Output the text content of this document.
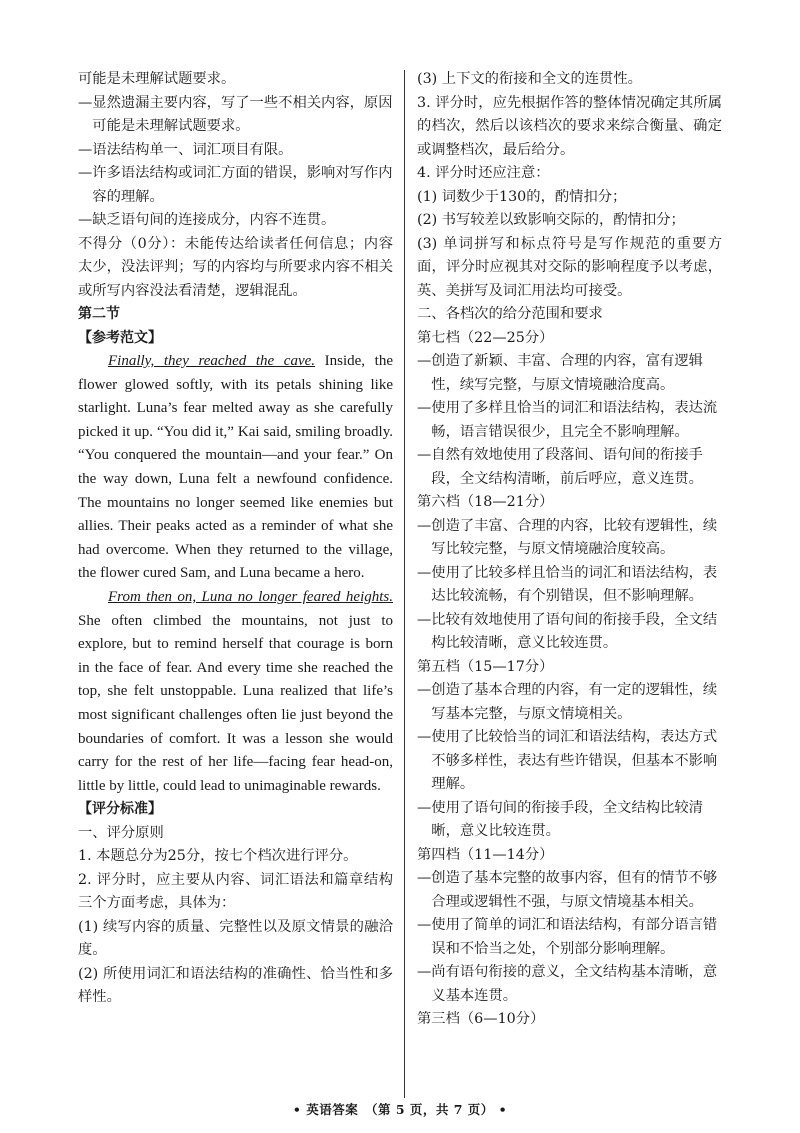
可能是未理解试题要求。

—显然遗漏主要内容，写了一些不相关内容，原因可能是未理解试题要求。

—语法结构单一、词汇项目有限。

—许多语法结构或词汇方面的错误，影响对写作内容的理解。

—缺乏语句间的连接成分，内容不连贯。

不得分（0分）：未能传达给读者任何信息；内容太少，没法评判；写的内容均与所要求内容不相关或所写内容没法看清楚，逻辑混乱。

第二节

【参考范文】

Finally, they reached the cave. Inside, the flower glowed softly, with its petals shining like starlight. Luna’s fear melted away as she carefully picked it up. “You did it,” Kai said, smiling broadly. “You conquered the mountain—and your fear.” On the way down, Luna felt a newfound confidence. The mountains no longer seemed like enemies but allies. Their peaks acted as a reminder of what she had overcome. When they returned to the village, the flower cured Sam, and Luna became a hero.

From then on, Luna no longer feared heights. She often climbed the mountains, not just to explore, but to remind herself that courage is born in the face of fear. And every time she reached the top, she felt unstoppable. Luna realized that life’s most significant challenges often lie just beyond the boundaries of comfort. It was a lesson she would carry for the rest of her life—facing fear head-on, little by little, could lead to unimaginable rewards.

【评分标准】

一、评分原则

1. 本题总分为25分，按七个档次进行评分。

2. 评分时，应主要从内容、词汇语法和篇章结构三个方面考虑，具体为：

(1) 续写内容的质量、完整性以及原文情景的融洽度。

(2) 所使用词汇和语法结构的准确性、恰当性和多样性。

(3) 上下文的衔接和全文的连贯性。

3. 评分时，应先根据作答的整体情况确定其所属的档次，然后以该档次的要求来综合衡量、确定或调整档次，最后给分。

4. 评分时还应注意：

(1) 词数少于130的，酌情扣分；

(2) 书写较差以致影响交际的，酌情扣分；

(3) 单词拼写和标点符号是写作规范的重要方面，评分时应视其对交际的影响程度予以考虑，英、美拼写及词汇用法均可接受。

二、各档次的给分范围和要求

第七档（22—25分）

—创造了新颖、丰富、合理的内容，富有逻辑性，续写完整，与原文情境融洽度高。

—使用了多样且恰当的词汇和语法结构，表达流畅，语言错误很少，且完全不影响理解。

—自然有效地使用了段落间、语句间的衔接手段，全文结构清晰，前后呼应，意义连贯。

第六档（18—21分）

—创造了丰富、合理的内容，比较有逻辑性，续写比较完整，与原文情境融洽度较高。

—使用了比较多样且恰当的词汇和语法结构，表达比较流畅，有个别错误，但不影响理解。

—比较有效地使用了语句间的衔接手段，全文结构比较清晰，意义比较连贯。

第五档（15—17分）

—创造了基本合理的内容，有一定的逻辑性，续写基本完整，与原文情境相关。

—使用了比较恰当的词汇和语法结构，表达方式不够多样性，表达有些许错误，但基本不影响理解。

—使用了语句间的衔接手段，全文结构比较清晰，意义比较连贯。

第四档（11—14分）

—创造了基本完整的故事内容，但有的情节不够合理或逻辑性不强，与原文情境基本相关。

—使用了简单的词汇和语法结构，有部分语言错误和不恰当之处，个别部分影响理解。

—尚有语句衔接的意义，全文结构基本清晰，意义基本连贯。

第三档（6—10分）

• 英语答案　（第 5 页，共 7 页） •
